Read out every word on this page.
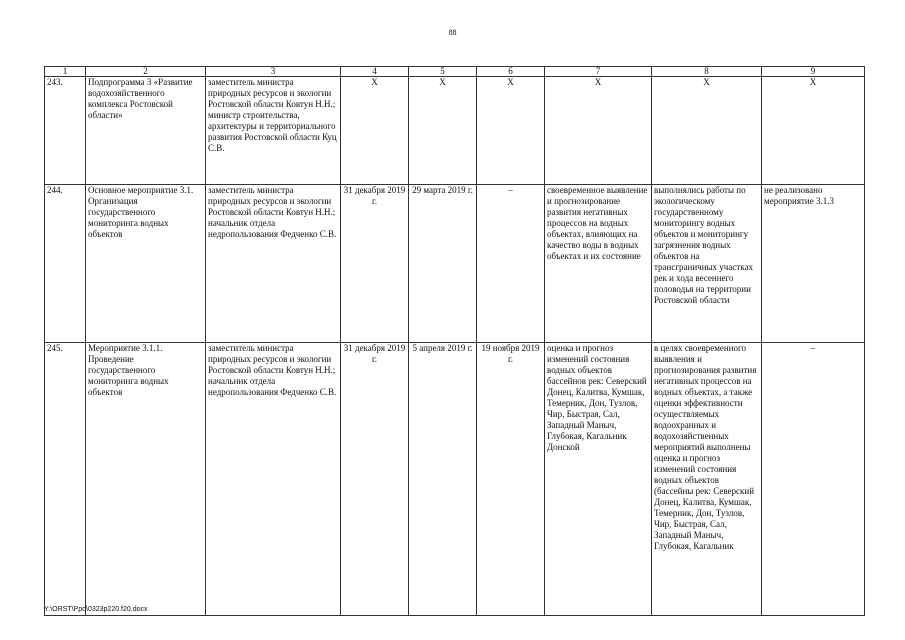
88
1	2	3	4	5	6	7	8	9
243.	Подпрограмма 3 «Развитие водохозяйственного комплекса Ростовской области»	заместитель министра природных ресурсов и экологии Ростовской области Ковтун Н.Н.; министр строительства, архитектуры и территориального развития Ростовской области Куц С.В.	X	X	X	X	X	X
244.	Основное мероприятие 3.1. Организация государственного мониторинга водных объектов	заместитель министра природных ресурсов и экологии Ростовской области Ковтун Н.Н.; начальник отдела недропользования Федченко С.В.	31 декабря 2019 г.	29 марта 2019 г.	–	своевременное выявление и прогнозирование развития негативных процессов на водных объектах, влияющих на качество воды в водных объектах и их состояние	выполнялись работы по экологическому государственному мониторингу водных объектов и мониторингу загрязнения водных объектов на трансграничных участках рек и хода весеннего половодья на территории Ростовской области	не реализовано мероприятие 3.1.3
245.	Мероприятие 3.1.1. Проведение государственного мониторинга водных объектов	заместитель министра природных ресурсов и экологии Ростовской области Ковтун Н.Н.; начальник отдела недропользования Федченко С.В.	31 декабря 2019 г.	5 апреля 2019 г.	19 ноября 2019 г.	оценка и прогноз изменений состояния водных объектов бассейнов рек: Северский Донец, Калитва, Кумшак, Темерник, Дон, Тузлов, Чир, Быстрая, Сал, Западный Маныч, Глубокая, Кагальник Донской	в целях своевременного выявления и прогнозирования развития негативных процессов на водных объектах, а также оценки эффективности осуществляемых водоохранных и водохозяйственных мероприятий выполнены оценка и прогноз изменений состояния водных объектов (бассейны рек: Северский Донец, Калитва, Кумшак, Темерник, Дон, Тузлов, Чир, Быстрая, Сал, Западный Маныч, Глубокая, Кагальник	–
Y:\ORST\Ppo\0323p220.f20.docx
